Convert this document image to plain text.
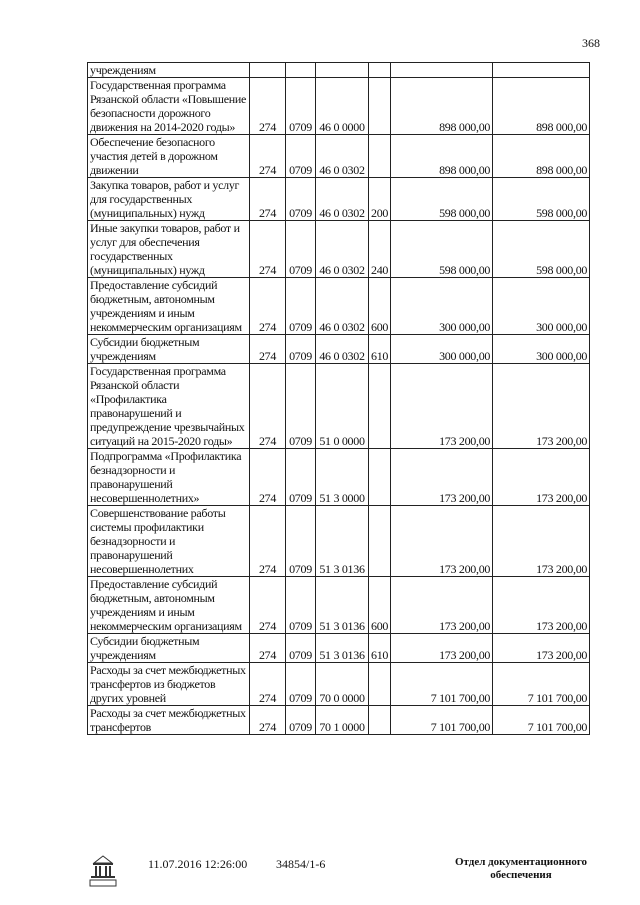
368
учреждениям						
Государственная программа Рязанской области «Повышение безопасности дорожного движения на 2014-2020 годы»	274	0709	46 0 0000		898 000,00	898 000,00
Обеспечение безопасного участия детей в дорожном движении	274	0709	46 0 0302		898 000,00	898 000,00
Закупка товаров, работ и услуг для государственных (муниципальных) нужд	274	0709	46 0 0302	200	598 000,00	598 000,00
Иные закупки товаров, работ и услуг для обеспечения государственных (муниципальных) нужд	274	0709	46 0 0302	240	598 000,00	598 000,00
Предоставление субсидий бюджетным, автономным учреждениям и иным некоммерческим организациям	274	0709	46 0 0302	600	300 000,00	300 000,00
Субсидии бюджетным учреждениям	274	0709	46 0 0302	610	300 000,00	300 000,00
Государственная программа Рязанской области «Профилактика правонарушений и предупреждение чрезвычайных ситуаций на 2015-2020 годы»	274	0709	51 0 0000		173 200,00	173 200,00
Подпрограмма «Профилактика безнадзорности и правонарушений несовершеннолетних»	274	0709	51 3 0000		173 200,00	173 200,00
Совершенствование работы системы профилактики безнадзорности и правонарушений несовершеннолетних	274	0709	51 3 0136		173 200,00	173 200,00
Предоставление субсидий бюджетным, автономным учреждениям и иным некоммерческим организациям	274	0709	51 3 0136	600	173 200,00	173 200,00
Субсидии бюджетным учреждениям	274	0709	51 3 0136	610	173 200,00	173 200,00
Расходы за счет межбюджетных трансфертов из бюджетов других уровней	274	0709	70 0 0000		7 101 700,00	7 101 700,00
Расходы за счет межбюджетных трансфертов	274	0709	70 1 0000		7 101 700,00	7 101 700,00
11.07.2016 12:26:00 34854/1-6	Отдел документационного
обеспечения
